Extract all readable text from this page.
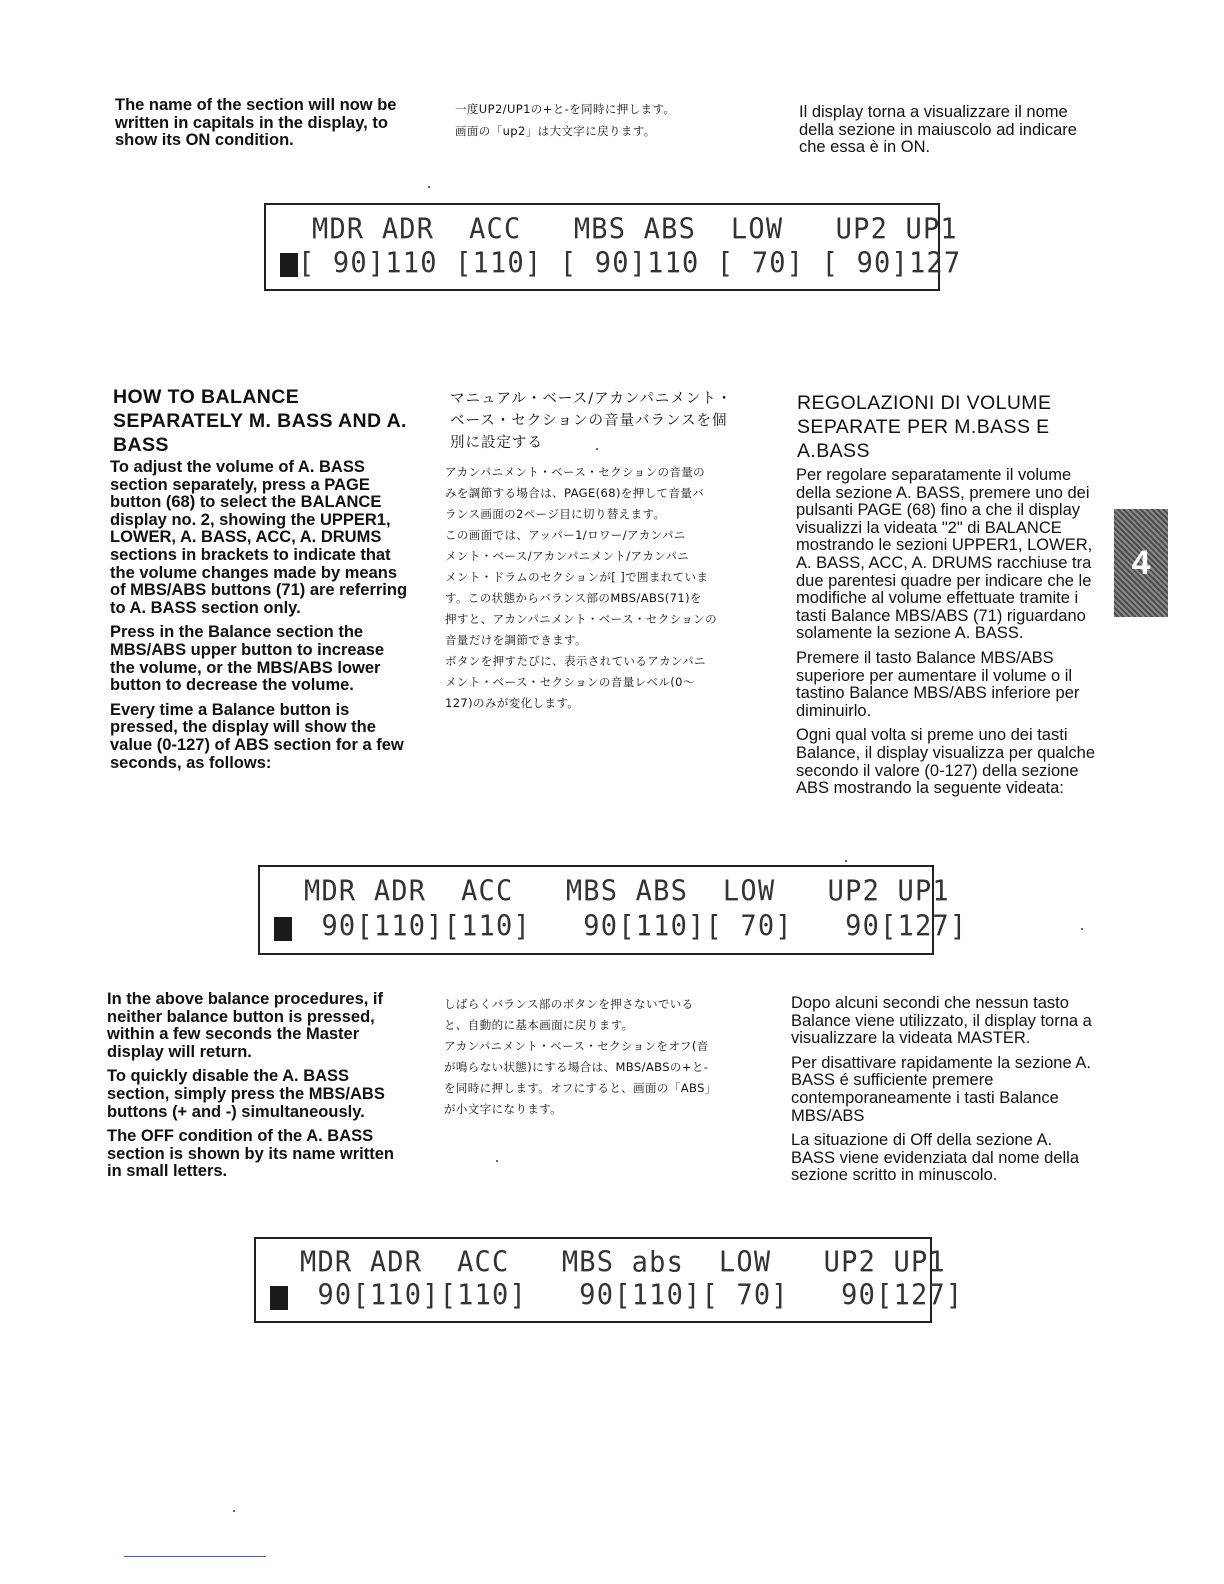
The name of the section will now be written in capitals in the display, to show its ON condition.
一度UP2/UP1の+と-を同時に押します。
画面の「up2」は大文字に戻ります。
Il display torna a visualizzare il nome della sezione in maiuscolo ad indicare che essa è in ON.
MDR ADR  ACC   MBS ABS  LOW   UP2 UP1
[ 90]110 [110] [ 90]110 [ 70] [ 90]127
HOW TO BALANCE SEPARATELY M. BASS AND A. BASS
マニュアル・ベース/アカンパニメント・
ベース・セクションの音量バランスを個
別に設定する
REGOLAZIONI DI VOLUME SEPARATE PER M.BASS E A.BASS

To adjust the volume of A. BASS section separately, press a PAGE button (68) to select the BALANCE display no. 2, showing the UPPER1, LOWER, A. BASS, ACC, A. DRUMS sections in brackets to indicate that the volume changes made by means of MBS/ABS buttons (71) are referring to A. BASS section only.

Press in the Balance section the MBS/ABS upper button to increase the volume, or the MBS/ABS lower button to decrease the volume.

Every time a Balance button is pressed, the display will show the value (0-127) of ABS section for a few seconds, as follows:

アカンパニメント・ベース・セクションの音量の
みを調節する場合は、PAGE(68)を押して音量バ
ランス画面の2ページ目に切り替えます。
この画面では、アッパー1/ロワー/アカンパニ
メント・ベース/アカンパニメント/アカンパニ
メント・ドラムのセクションが[ ]で囲まれていま
す。この状態からバランス部のMBS/ABS(71)を
押すと、アカンパニメント・ベース・セクションの
音量だけを調節できます。
ボタンを押すたびに、表示されているアカンパニ
メント・ベース・セクションの音量レベル(0〜
127)のみが変化します。

Per regolare separatamente il volume della sezione A. BASS, premere uno dei pulsanti PAGE (68) fino a che il display visualizzi la videata "2" di BALANCE mostrando le sezioni UPPER1, LOWER, A. BASS, ACC, A. DRUMS racchiuse tra due parentesi quadre per indicare che le modifiche al volume effettuate tramite i tasti Balance MBS/ABS (71) riguardano solamente la sezione A. BASS.

Premere il tasto Balance MBS/ABS superiore per aumentare il volume o il tastino Balance MBS/ABS inferiore per diminuirlo.

Ogni qual volta si preme uno dei tasti Balance, il display visualizza per qualche secondo il valore (0-127) della sezione ABS mostrando la seguente videata:

4
MDR ADR  ACC   MBS ABS  LOW   UP2 UP1
90[110][110]   90[110][ 70]   90[127]

In the above balance procedures, if neither balance button is pressed, within a few seconds the Master display will return.

To quickly disable the A. BASS section, simply press the MBS/ABS buttons (+ and -) simultaneously.

The OFF condition of the A. BASS section is shown by its name written in small letters.

しばらくバランス部のボタンを押さないでいる
と、自動的に基本画面に戻ります。
アカンパニメント・ベース・セクションをオフ(音
が鳴らない状態)にする場合は、MBS/ABSの+と-
を同時に押します。オフにすると、画面の「ABS」
が小文字になります。

Dopo alcuni secondi che nessun tasto Balance viene utilizzato, il display torna a visualizzare la videata MASTER.

Per disattivare rapidamente la sezione A. BASS é sufficiente premere contemporaneamente i tasti Balance MBS/ABS

La situazione di Off della sezione A. BASS viene evidenziata dal nome della sezione scritto in minuscolo.

MDR ADR  ACC   MBS abs  LOW   UP2 UP1
90[110][110]   90[110][ 70]   90[127]
